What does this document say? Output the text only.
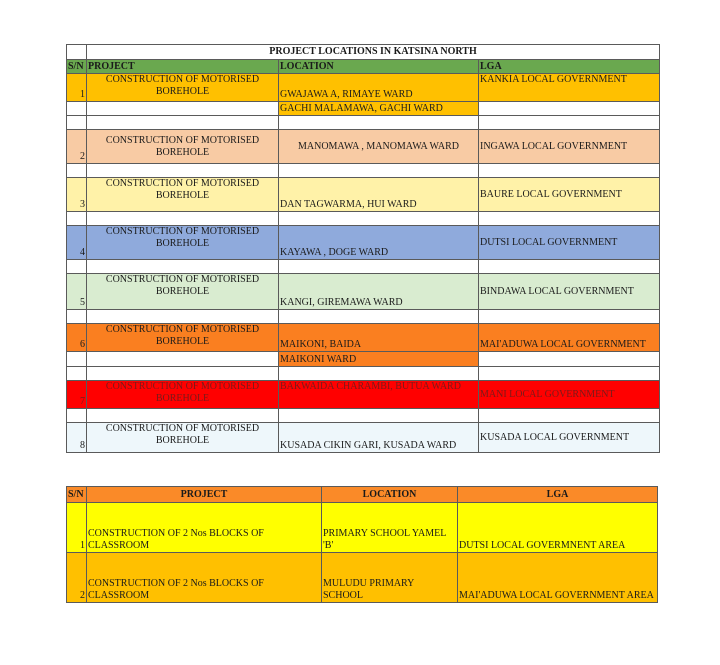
	PROJECT LOCATIONS IN KATSINA NORTH		
S/N	PROJECT	LOCATION	LGA
1	CONSTRUCTION OF MOTORISED BOREHOLE	GWAJAWA A, RIMAYE WARD	KANKIA LOCAL GOVERNMENT
		GACHI MALAMAWA, GACHI WARD	

2	CONSTRUCTION OF MOTORISED BOREHOLE	MANOMAWA , MANOMAWA WARD	INGAWA LOCAL GOVERNMENT

3	CONSTRUCTION OF MOTORISED BOREHOLE	DAN TAGWARMA, HUI WARD	BAURE LOCAL GOVERNMENT

4	CONSTRUCTION OF MOTORISED BOREHOLE	KAYAWA , DOGE WARD	DUTSI LOCAL GOVERNMENT

5	CONSTRUCTION OF MOTORISED BOREHOLE	KANGI, GIREMAWA WARD	BINDAWA LOCAL GOVERNMENT

6	CONSTRUCTION OF MOTORISED BOREHOLE	MAIKONI, BAIDA	MAI'ADUWA LOCAL GOVERNMENT
		MAIKONI WARD	

7	CONSTRUCTION OF MOTORISED BOREHOLE	BAKWAIDA CHARAMBI, BUTUA WARD	MANI LOCAL GOVERNMENT

8	CONSTRUCTION OF MOTORISED BOREHOLE	KUSADA CIKIN GARI, KUSADA WARD	KUSADA LOCAL GOVERNMENT
S/N	PROJECT	LOCATION	LGA
1	CONSTRUCTION OF 2 Nos BLOCKS OF CLASSROOM	PRIMARY SCHOOL YAMEL 'B'	DUTSI LOCAL GOVERMNENT AREA
2	CONSTRUCTION OF 2 Nos BLOCKS OF CLASSROOM	MULUDU PRIMARY SCHOOL	MAI'ADUWA LOCAL GOVERNMENT AREA
